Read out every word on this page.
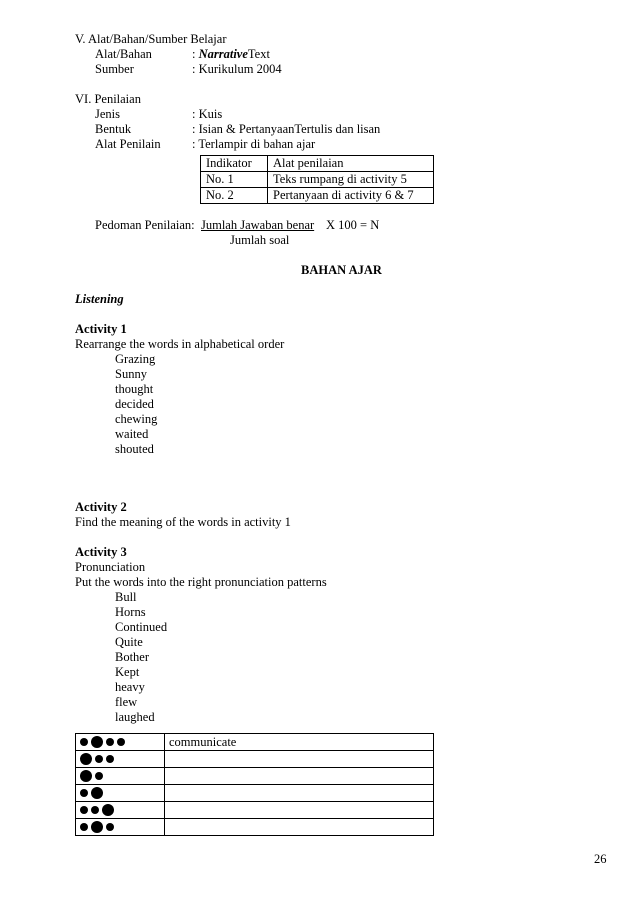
V. Alat/Bahan/Sumber Belajar
Alat/Bahan	: NarrativeText
Sumber	: Kurikulum 2004
VI. Penilaian
Jenis	: Kuis
Bentuk	: Isian & PertanyaanTertulis dan lisan
Alat Penilain	: Terlampir di bahan ajar
Indikator	Alat penilaian
No. 1	Teks rumpang di activity 5
No. 2	Pertanyaan di activity 6 & 7
Pedoman Penilaian: Jumlah Jawaban benar X 100 = N
Jumlah soal
BAHAN AJAR
Listening
Activity 1
Rearrange the words in alphabetical order
Grazing
Sunny
thought
decided
chewing
waited
shouted
Activity 2
Find the meaning of the words in activity 1
Activity 3
Pronunciation
Put the words into the right pronunciation patterns
Bull
Horns
Continued
Quite
Bother
Kept
heavy
flew
laughed
	communicate

26
